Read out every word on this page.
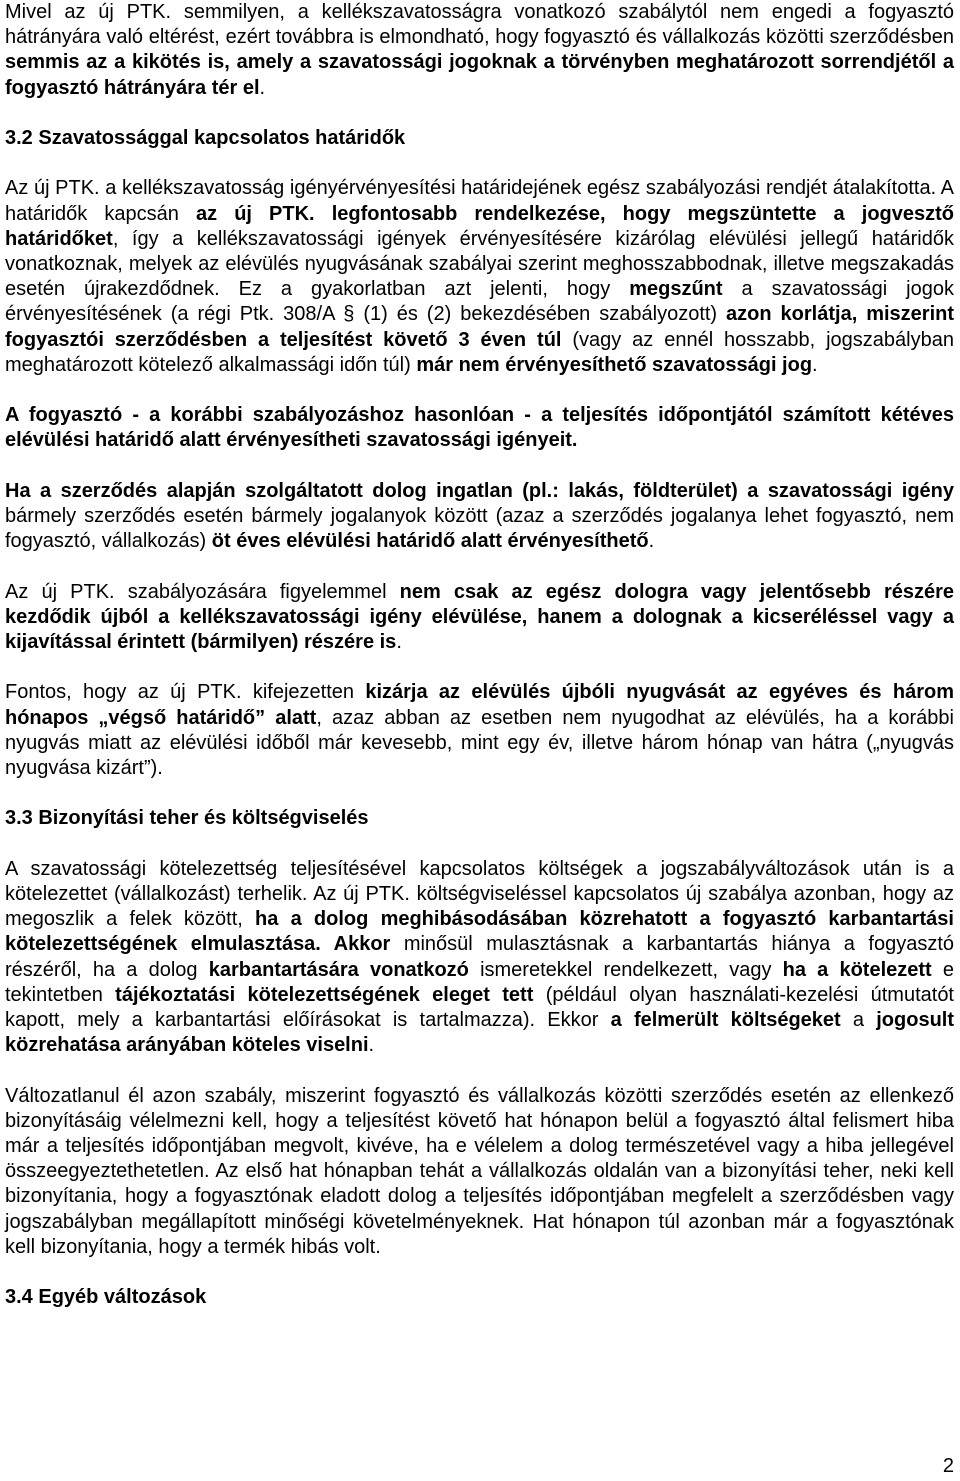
Mivel az új PTK. semmilyen, a kellékszavatosságra vonatkozó szabálytól nem engedi a fogyasztó hátrányára való eltérést, ezért továbbra is elmondható, hogy fogyasztó és vállalkozás közötti szerződésben semmis az a kikötés is, amely a szavatossági jogoknak a törvényben meghatározott sorrendjétől a fogyasztó hátrányára tér el.

3.2 Szavatossággal kapcsolatos határidők

Az új PTK. a kellékszavatosság igényérvényesítési határidejének egész szabályozási rendjét átalakította. A határidők kapcsán az új PTK. legfontosabb rendelkezése, hogy megszüntette a jogvesztő határidőket, így a kellékszavatossági igények érvényesítésére kizárólag elévülési jellegű határidők vonatkoznak, melyek az elévülés nyugvásának szabályai szerint meghosszabbodnak, illetve megszakadás esetén újrakezdődnek. Ez a gyakorlatban azt jelenti, hogy megszűnt a szavatossági jogok érvényesítésének (a régi Ptk. 308/A § (1) és (2) bekezdésében szabályozott) azon korlátja, miszerint fogyasztói szerződésben a teljesítést követő 3 éven túl (vagy az ennél hosszabb, jogszabályban meghatározott kötelező alkalmassági időn túl) már nem érvényesíthető szavatossági jog.

A fogyasztó - a korábbi szabályozáshoz hasonlóan - a teljesítés időpontjától számított kétéves elévülési határidő alatt érvényesítheti szavatossági igényeit.

Ha a szerződés alapján szolgáltatott dolog ingatlan (pl.: lakás, földterület) a szavatossági igény bármely szerződés esetén bármely jogalanyok között (azaz a szerződés jogalanya lehet fogyasztó, nem fogyasztó, vállalkozás) öt éves elévülési határidő alatt érvényesíthető.

Az új PTK. szabályozására figyelemmel nem csak az egész dologra vagy jelentősebb részére kezdődik újból a kellékszavatossági igény elévülése, hanem a dolognak a kicseréléssel vagy a kijavítással érintett (bármilyen) részére is.

Fontos, hogy az új PTK. kifejezetten kizárja az elévülés újbóli nyugvását az egyéves és három hónapos „végső határidő” alatt, azaz abban az esetben nem nyugodhat az elévülés, ha a korábbi nyugvás miatt az elévülési időből már kevesebb, mint egy év, illetve három hónap van hátra („nyugvás nyugvása kizárt”).

3.3 Bizonyítási teher és költségviselés

A szavatossági kötelezettség teljesítésével kapcsolatos költségek a jogszabályváltozások után is a kötelezettet (vállalkozást) terhelik. Az új PTK. költségviseléssel kapcsolatos új szabálya azonban, hogy az megoszlik a felek között, ha a dolog meghibásodásában közrehatott a fogyasztó karbantartási kötelezettségének elmulasztása. Akkor minősül mulasztásnak a karbantartás hiánya a fogyasztó részéről, ha a dolog karbantartására vonatkozó ismeretekkel rendelkezett, vagy ha a kötelezett e tekintetben tájékoztatási kötelezettségének eleget tett (például olyan használati-kezelési útmutatót kapott, mely a karbantartási előírásokat is tartalmazza). Ekkor a felmerült költségeket a jogosult közrehatása arányában köteles viselni.

Változatlanul él azon szabály, miszerint fogyasztó és vállalkozás közötti szerződés esetén az ellenkező bizonyításáig vélelmezni kell, hogy a teljesítést követő hat hónapon belül a fogyasztó által felismert hiba már a teljesítés időpontjában megvolt, kivéve, ha e vélelem a dolog természetével vagy a hiba jellegével összeegyeztethetetlen. Az első hat hónapban tehát a vállalkozás oldalán van a bizonyítási teher, neki kell bizonyítania, hogy a fogyasztónak eladott dolog a teljesítés időpontjában megfelelt a szerződésben vagy jogszabályban megállapított minőségi követelményeknek. Hat hónapon túl azonban már a fogyasztónak kell bizonyítania, hogy a termék hibás volt.

3.4 Egyéb változások
2
